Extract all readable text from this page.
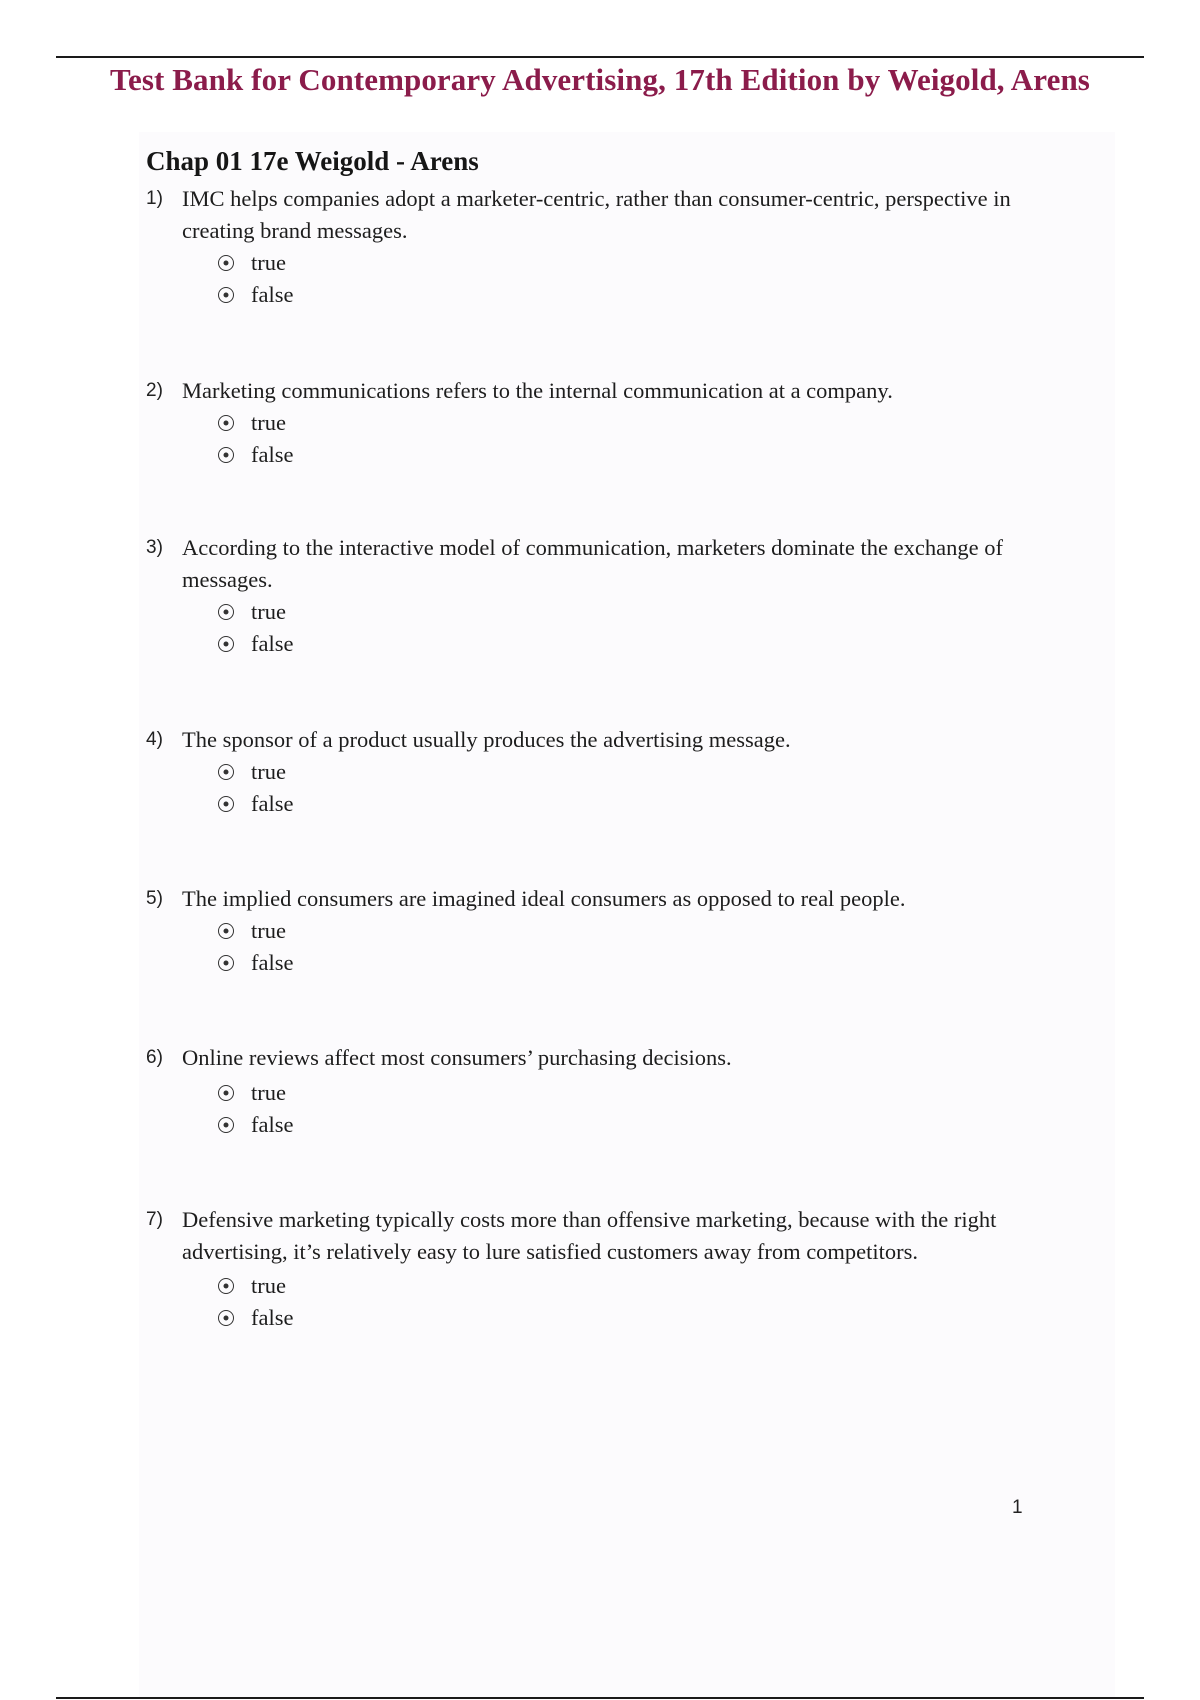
Test Bank for Contemporary Advertising, 17th Edition by Weigold, Arens
Chap 01 17e Weigold - Arens
1) IMC helps companies adopt a marketer-centric, rather than consumer-centric, perspective in creating brand messages.
true
false
2) Marketing communications refers to the internal communication at a company.
true
false
3) According to the interactive model of communication, marketers dominate the exchange of messages.
true
false
4) The sponsor of a product usually produces the advertising message.
true
false
5) The implied consumers are imagined ideal consumers as opposed to real people.
true
false
6) Online reviews affect most consumers’ purchasing decisions.
true
false
7) Defensive marketing typically costs more than offensive marketing, because with the right advertising, it’s relatively easy to lure satisfied customers away from competitors.
true
false
1
